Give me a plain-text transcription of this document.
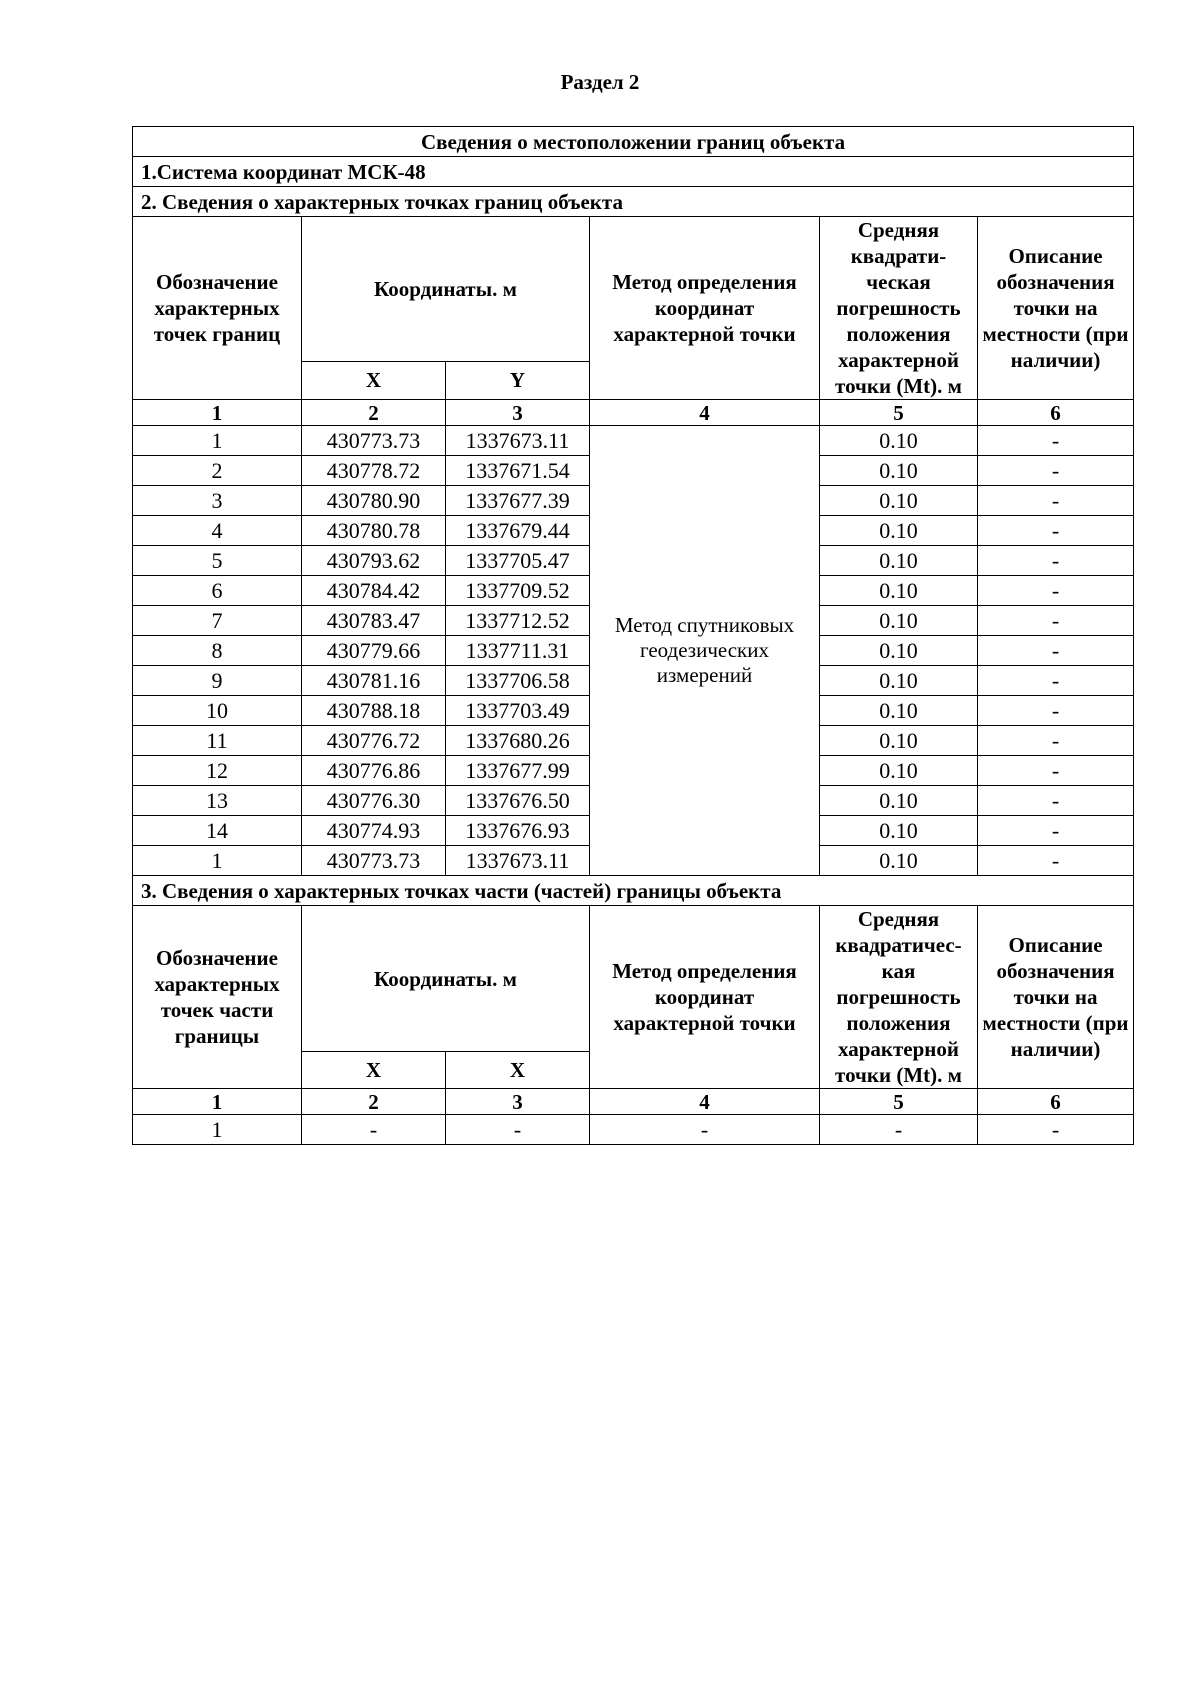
Раздел 2
Сведения о местоположении границ объекта					
1.Система координат МСК-48					
2. Сведения о характерных точках границ объекта					
Обозначение характерных точек границ	Координаты. м		Метод определения координат характерной точки	Средняя квадрати- ческая погрешность положения характерной точки (Mt). м	Описание обозначения точки на местности (при наличии)
	X	Y			
1	2	3	4	5	6
1	430773.73	1337673.11	Метод спутниковых геодезических измерений	0.10	-
2	430778.72	1337671.54		0.10	-
3	430780.90	1337677.39		0.10	-
4	430780.78	1337679.44		0.10	-
5	430793.62	1337705.47		0.10	-
6	430784.42	1337709.52		0.10	-
7	430783.47	1337712.52		0.10	-
8	430779.66	1337711.31		0.10	-
9	430781.16	1337706.58		0.10	-
10	430788.18	1337703.49		0.10	-
11	430776.72	1337680.26		0.10	-
12	430776.86	1337677.99		0.10	-
13	430776.30	1337676.50		0.10	-
14	430774.93	1337676.93		0.10	-
1	430773.73	1337673.11		0.10	-
3. Сведения о характерных точках части (частей) границы объекта					
Обозначение характерных точек части границы	Координаты. м		Метод определения координат характерной точки	Средняя квадратичес- кая погрешность положения характерной точки (Mt). м	Описание обозначения точки на местности (при наличии)
	X	X			
1	2	3	4	5	6
1	-	-	-	-	-
